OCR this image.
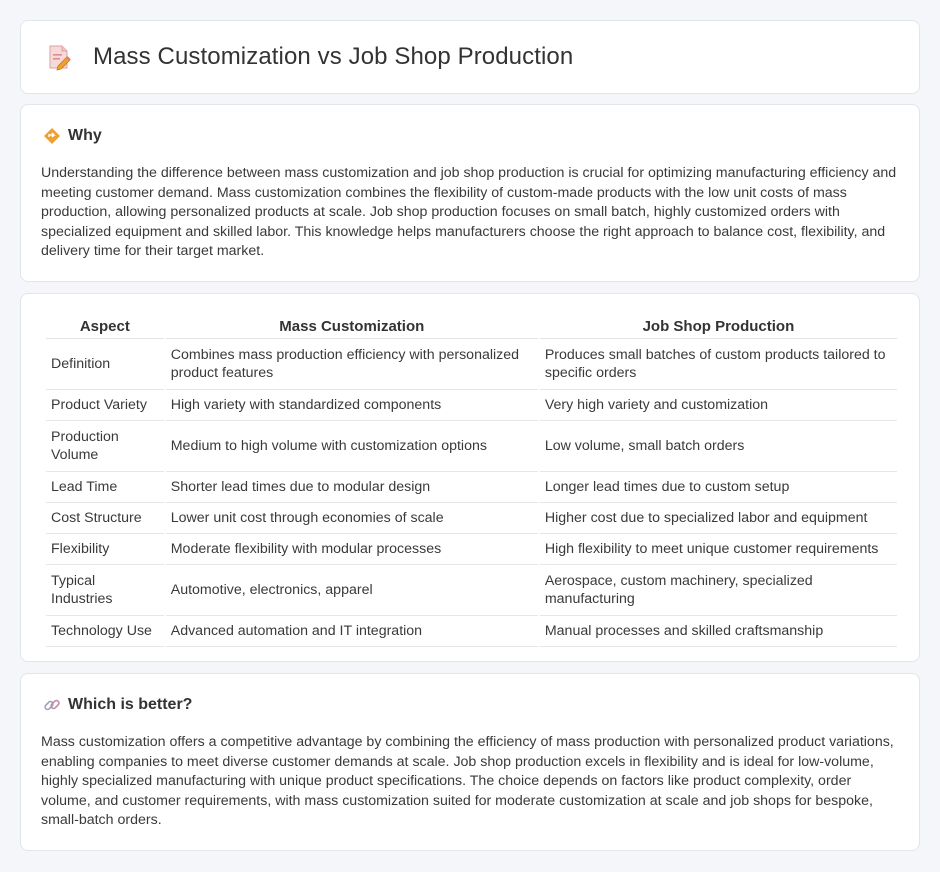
Mass Customization vs Job Shop Production
Why

Understanding the difference between mass customization and job shop production is crucial for optimizing manufacturing efficiency and meeting customer demand. Mass customization combines the flexibility of custom-made products with the low unit costs of mass production, allowing personalized products at scale. Job shop production focuses on small batch, highly customized orders with specialized equipment and skilled labor. This knowledge helps manufacturers choose the right approach to balance cost, flexibility, and delivery time for their target market.

Aspect	Mass Customization	Job Shop Production
Definition	Combines mass production efficiency with personalized product features	Produces small batches of custom products tailored to specific orders
Product Variety	High variety with standardized components	Very high variety and customization
Production Volume	Medium to high volume with customization options	Low volume, small batch orders
Lead Time	Shorter lead times due to modular design	Longer lead times due to custom setup
Cost Structure	Lower unit cost through economies of scale	Higher cost due to specialized labor and equipment
Flexibility	Moderate flexibility with modular processes	High flexibility to meet unique customer requirements
Typical Industries	Automotive, electronics, apparel	Aerospace, custom machinery, specialized manufacturing
Technology Use	Advanced automation and IT integration	Manual processes and skilled craftsmanship
Which is better?

Mass customization offers a competitive advantage by combining the efficiency of mass production with personalized product variations, enabling companies to meet diverse customer demands at scale. Job shop production excels in flexibility and is ideal for low-volume, highly specialized manufacturing with unique product specifications. The choice depends on factors like product complexity, order volume, and customer requirements, with mass customization suited for moderate customization at scale and job shops for bespoke, small-batch orders.
